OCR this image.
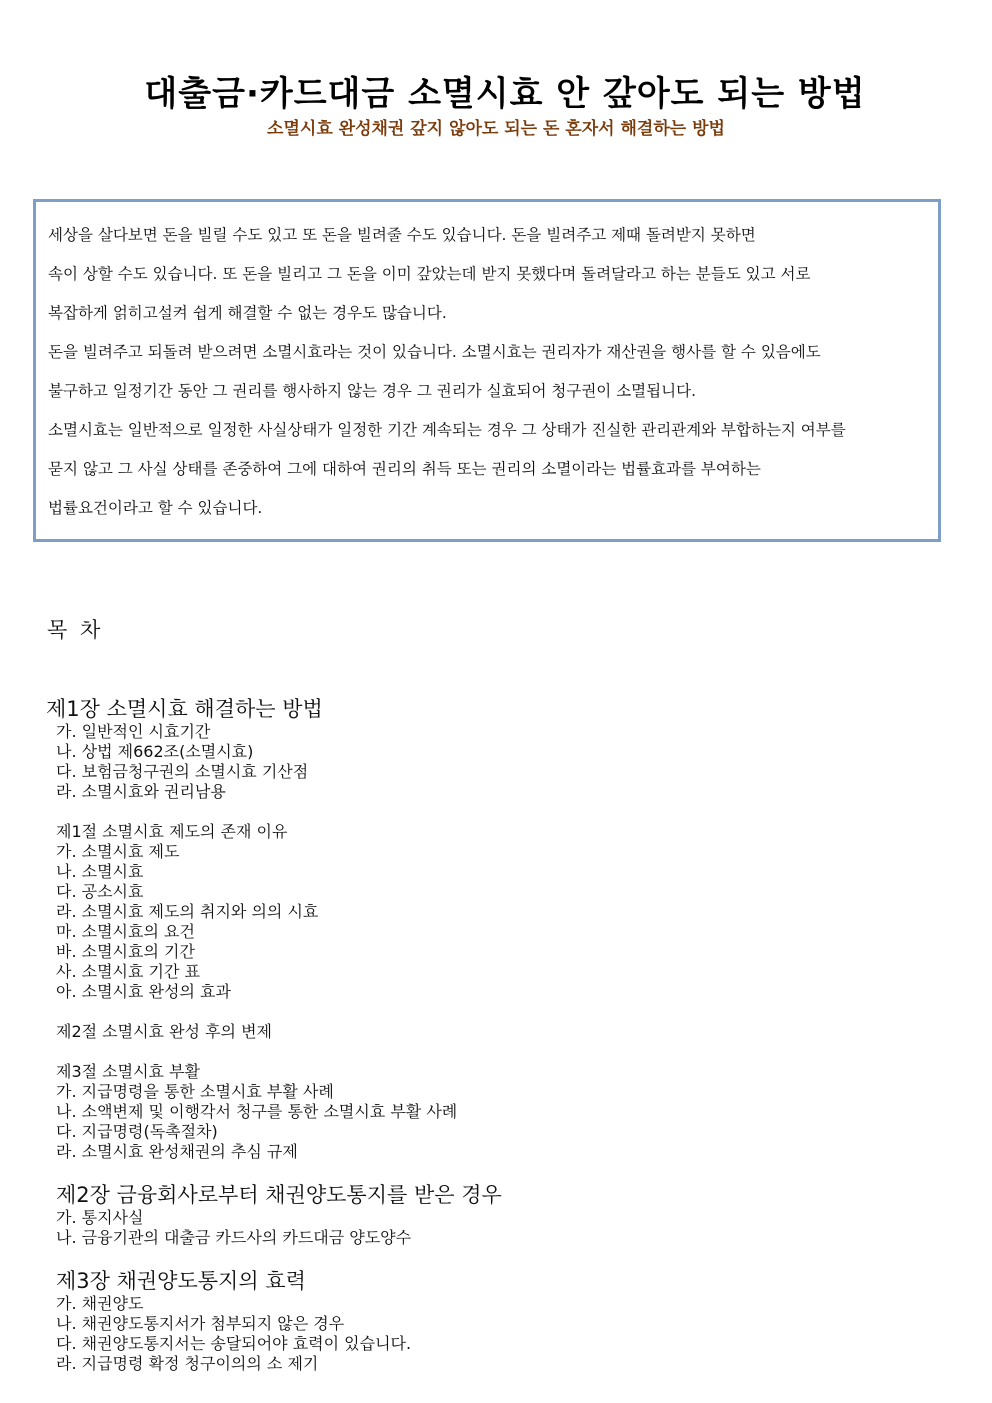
대출금·카드대금 소멸시효 안 갚아도 되는 방법
소멸시효 완성채권 갚지 않아도 되는 돈 혼자서 해결하는 방법
세상을 살다보면 돈을 빌릴 수도 있고 또 돈을 빌려줄 수도 있습니다. 돈을 빌려주고 제때 돌려받지 못하면
속이 상할 수도 있습니다. 또 돈을 빌리고 그 돈을 이미 갚았는데 받지 못했다며 돌려달라고 하는 분들도 있고 서로
복잡하게 얽히고설켜 쉽게 해결할 수 없는 경우도 많습니다.
돈을 빌려주고 되돌려 받으려면 소멸시효라는 것이 있습니다. 소멸시효는 권리자가 재산권을 행사를 할 수 있음에도
불구하고 일정기간 동안 그 권리를 행사하지 않는 경우 그 권리가 실효되어 청구권이 소멸됩니다.
소멸시효는 일반적으로 일정한 사실상태가 일정한 기간 계속되는 경우 그 상태가 진실한 관리관계와 부합하는지 여부를
묻지 않고 그 사실 상태를 존중하여 그에 대하여 권리의 취득 또는 권리의 소멸이라는 법률효과를 부여하는
법률요건이라고 할 수 있습니다.
목 차
제1장 소멸시효 해결하는 방법
가. 일반적인 시효기간
나. 상법 제662조(소멸시효)
다. 보험금청구권의 소멸시효 기산점
라. 소멸시효와 권리남용
제1절 소멸시효 제도의 존재 이유
가. 소멸시효 제도
나. 소멸시효
다. 공소시효
라. 소멸시효 제도의 취지와 의의 시효
마. 소멸시효의 요건
바. 소멸시효의 기간
사. 소멸시효 기간 표
아. 소멸시효 완성의 효과
제2절 소멸시효 완성 후의 변제
제3절 소멸시효 부활
가. 지급명령을 통한 소멸시효 부활 사례
나. 소액변제 및 이행각서 청구를 통한 소멸시효 부활 사례
다. 지급명령(독촉절차)
라. 소멸시효 완성채권의 추심 규제
제2장 금융회사로부터 채권양도통지를 받은 경우
가. 통지사실
나. 금융기관의 대출금 카드사의 카드대금 양도양수
제3장 채권양도통지의 효력
가. 채권양도
나. 채권양도통지서가 첨부되지 않은 경우
다. 채권양도통지서는 송달되어야 효력이 있습니다.
라. 지급명령 확정 청구이의의 소 제기
